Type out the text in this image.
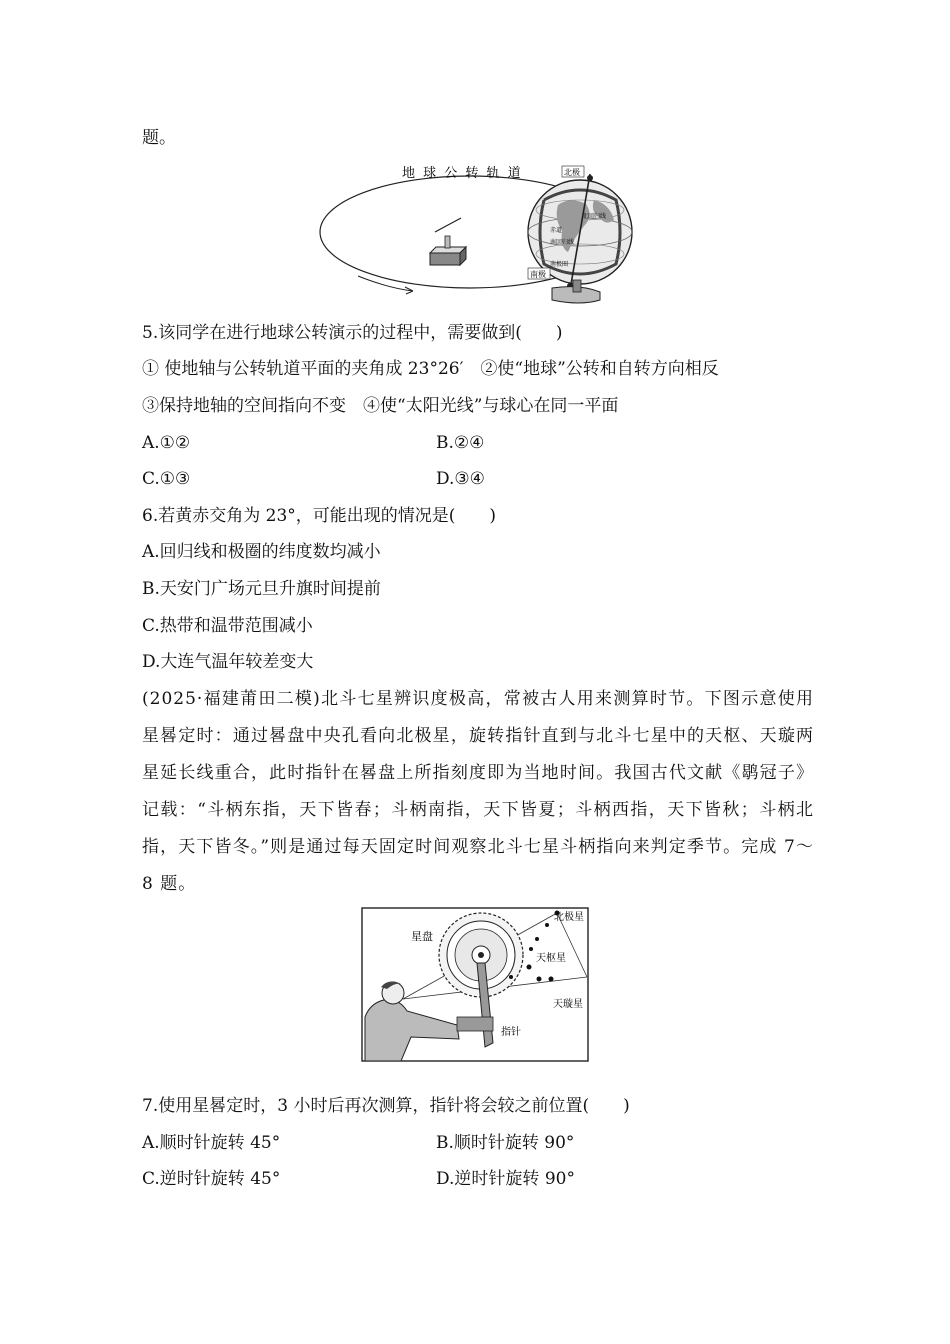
题。
地 球 公 转 轨 道	北极
南极
北回归线
赤道
南回归线
南极圈
5.该同学在进行地球公转演示的过程中，需要做到(　　)
① 使地轴与公转轨道平面的夹角成 23°26′　②使“地球”公转和自转方向相反
③保持地轴的空间指向不变　④使“太阳光线”与球心在同一平面
A.①②	B.②④
C.①③	D.③④
6.若黄赤交角为 23°，可能出现的情况是(　　)
A.回归线和极圈的纬度数均减小
B.天安门广场元旦升旗时间提前
C.热带和温带范围减小
D.大连气温年较差变大
(2025·福建莆田二模)北斗七星辨识度极高，常被古人用来测算时节。下图示意使用星晷定时：通过晷盘中央孔看向北极星，旋转指针直到与北斗七星中的天枢、天璇两星延长线重合，此时指针在晷盘上所指刻度即为当地时间。我国古代文献《鹖冠子》记载：“斗柄东指，天下皆春；斗柄南指，天下皆夏；斗柄西指，天下皆秋；斗柄北指，天下皆冬。”则是通过每天固定时间观察北斗七星斗柄指向来判定季节。完成 7～8 题。
星盘
北极星
天枢星
天璇星
指针
7.使用星晷定时，3 小时后再次测算，指针将会较之前位置(　　)
A.顺时针旋转 45°	B.顺时针旋转 90°
C.逆时针旋转 45°	D.逆时针旋转 90°
